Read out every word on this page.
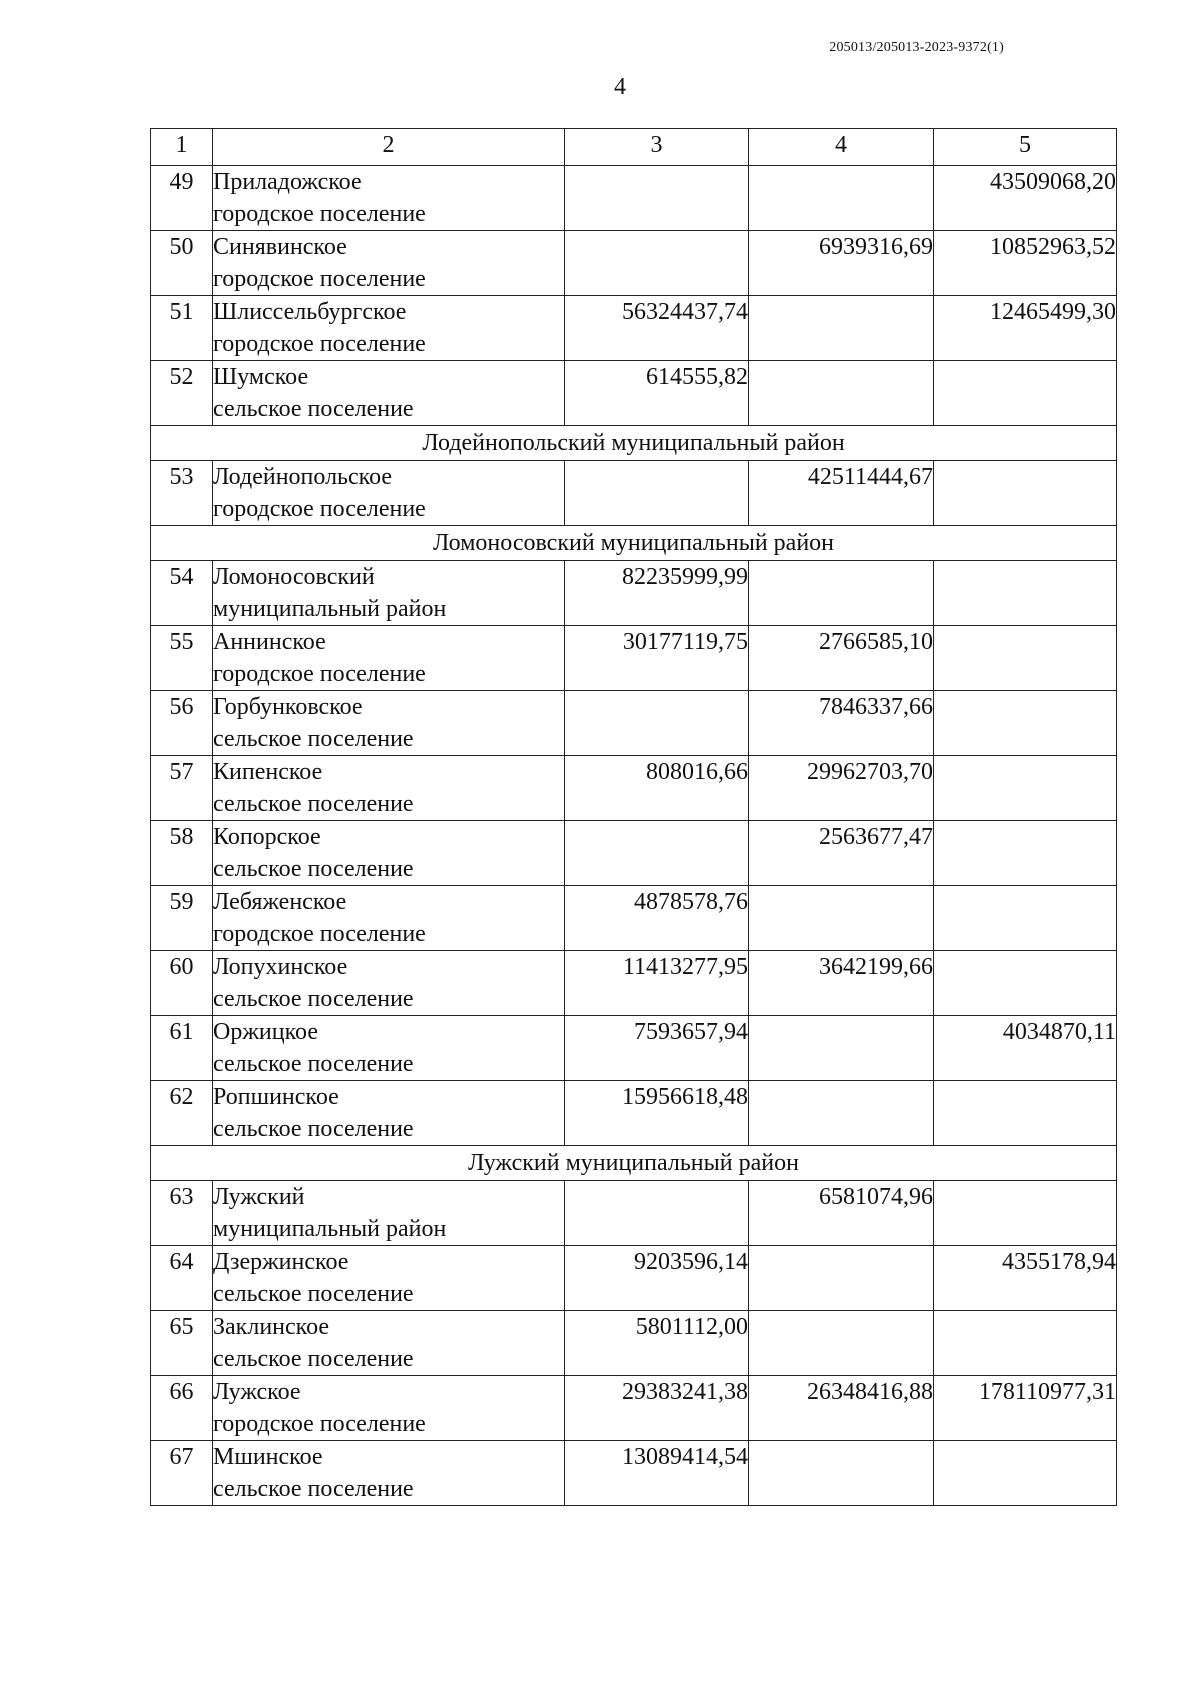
205013/205013-2023-9372(1)
4
1	2	3	4	5
49	Приладожское
городское поселение			43509068,20
50	Синявинское
городское поселение		6939316,69	10852963,52
51	Шлиссельбургское
городское поселение	56324437,74		12465499,30
52	Шумское
сельское поселение	614555,82		
Лодейнопольский муниципальный район				
53	Лодейнопольское
городское поселение		42511444,67	
Ломоносовский муниципальный район				
54	Ломоносовский
муниципальный район	82235999,99		
55	Аннинское
городское поселение	30177119,75	2766585,10	
56	Горбунковское
сельское поселение		7846337,66	
57	Кипенское
сельское поселение	808016,66	29962703,70	
58	Копорское
сельское поселение		2563677,47	
59	Лебяженское
городское поселение	4878578,76		
60	Лопухинское
сельское поселение	11413277,95	3642199,66	
61	Оржицкое
сельское поселение	7593657,94		4034870,11
62	Ропшинское
сельское поселение	15956618,48		
Лужский муниципальный район				
63	Лужский
муниципальный район		6581074,96	
64	Дзержинское
сельское поселение	9203596,14		4355178,94
65	Заклинское
сельское поселение	5801112,00		
66	Лужское
городское поселение	29383241,38	26348416,88	178110977,31
67	Мшинское
сельское поселение	13089414,54		
